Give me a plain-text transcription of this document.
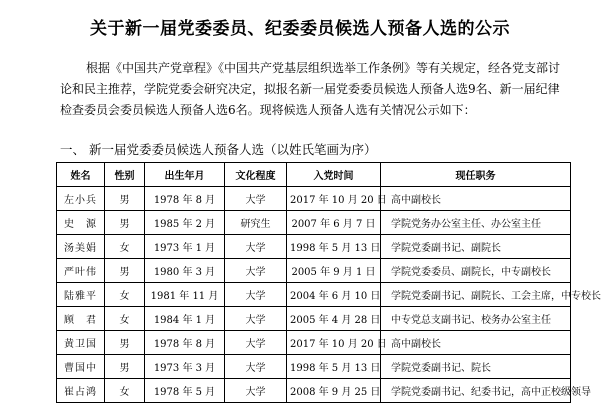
关于新一届党委委员、纪委委员候选人预备人选的公示
根据《中国共产党章程》《中国共产党基层组织选举工作条例》等有关规定，经各党支部讨论和民主推荐，学院党委会研究决定，拟报名新一届党委委员候选人预备人选9名、新一届纪律检查委员会委员候选人预备人选6名。现将候选人预备人选有关情况公示如下：
一、 新一届党委委员候选人预备人选（以姓氏笔画为序）
姓名	性别	出生年月	文化程度	入党时间	现任职务
左小兵	男	1978 年 8 月	大学	2017 年 10 月 20 日	高中副校长
史　源	男	1985 年 2 月	研究生	2007 年 6 月 7 日	学院党务办公室主任、办公室主任
汤美娟	女	1973 年 1 月	大学	1998 年 5 月 13 日	学院党委副书记、副院长
严叶伟	男	1980 年 3 月	大学	2005 年 9 月 1 日	学院党委委员、副院长，中专副校长
陆雅平	女	1981 年 11 月	大学	2004 年 6 月 10 日	学院党委副书记、副院长、工会主席，中专校长
顾　君	女	1984 年 1 月	大学	2005 年 4 月 28 日	中专党总支副书记、校务办公室主任
黄卫国	男	1978 年 8 月	大学	2017 年 10 月 20 日	高中副校长
曹国中	男	1973 年 3 月	大学	1998 年 5 月 13 日	学院党委副书记、院长
崔占鸿	女	1978 年 5 月	大学	2008 年 9 月 25 日	学院党委副书记、纪委书记，高中正校级领导
